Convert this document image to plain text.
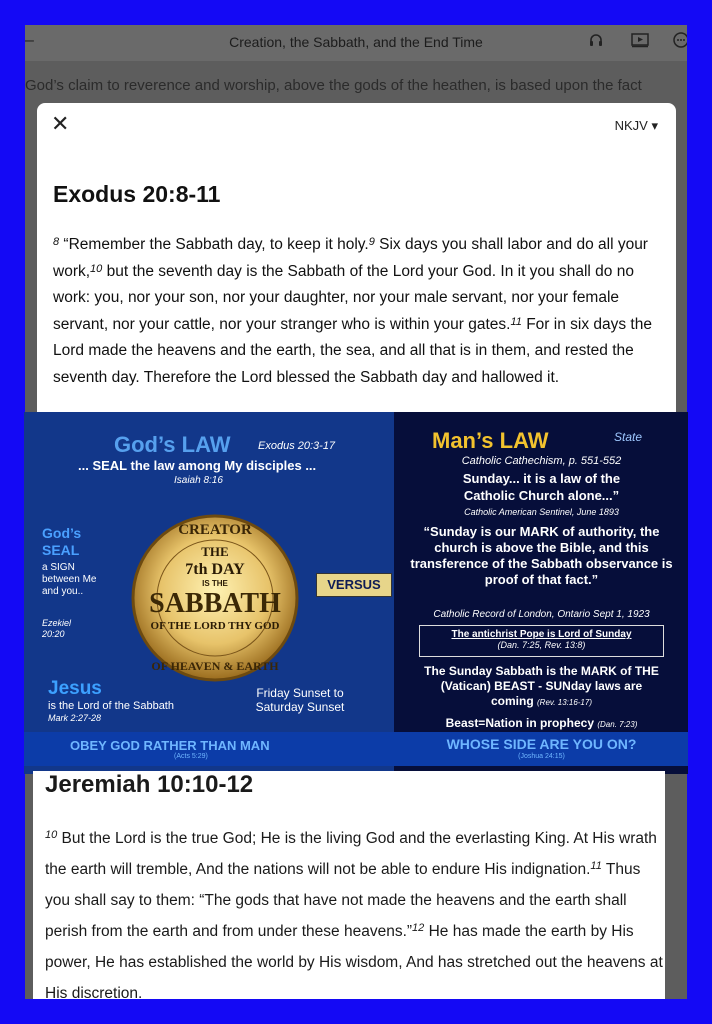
–	Creation, the Sabbath, and the End Time
God’s claim to reverence and worship, above the gods of the heathen, is based upon the fact
✕	NKJV ▾
Exodus 20:8-11
$^8$ “Remember the Sabbath day, to keep it holy.$^9$ Six days you shall labor and do all your work,$^{10}$ but the seventh day is the Sabbath of the Lord your God. In it you shall do no work: you, nor your son, nor your daughter, nor your male servant, nor your female servant, nor your cattle, nor your stranger who is within your gates.$^{11}$ For in six days the Lord made the heavens and the earth, the sea, and all that is in them, and rested the seventh day. Therefore the Lord blessed the Sabbath day and hallowed it.
God’s LAW Exodus 20:3-17
... SEAL the law among My disciples ...
Isaiah 8:16
God’s SEAL
a SIGN between Me and you..
Ezekiel 20:20
CREATOR
THE
7th DAY
IS THE
SABBATH
OF THE LORD THY GOD
OF HEAVEN & EARTH
VERSUS
Jesus
is the Lord of the Sabbath
Mark 2:27-28
Friday Sunset to Saturday Sunset
OBEY GOD RATHER THAN MAN
(Acts 5:29)
Man’s LAW	State
Catholic Cathechism, p. 551-552
Sunday... it is a law of the Catholic Church alone...”
Catholic American Sentinel, June 1893
“Sunday is our MARK of authority, the church is above the Bible, and this transference of the Sabbath observance is proof of that fact.”
Catholic Record of London, Ontario Sept 1, 1923
The antichrist Pope is Lord of Sunday
(Dan. 7:25, Rev. 13:8)
The Sunday Sabbath is the MARK of THE (Vatican) BEAST - SUNday laws are coming (Rev. 13:16-17)
Beast=Nation in prophecy (Dan. 7:23)
WHOSE SIDE ARE YOU ON?
(Joshua 24:15)
Jeremiah 10:10-12
$^{10}$ But the Lord is the true God; He is the living God and the everlasting King. At His wrath the earth will tremble, And the nations will not be able to endure His indignation.$^{11}$ Thus you shall say to them: “The gods that have not made the heavens and the earth shall perish from the earth and from under these heavens.”$^{12}$ He has made the earth by His power, He has established the world by His wisdom, And has stretched out the heavens at His discretion.
